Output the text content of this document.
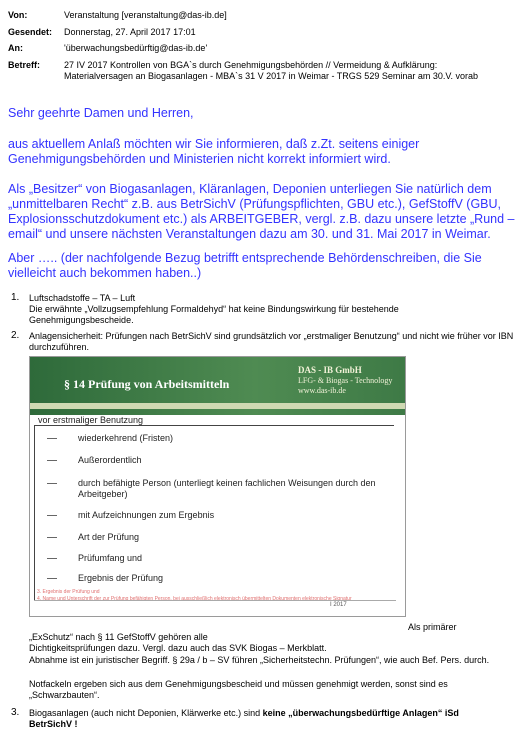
Von:	Veranstaltung [veranstaltung@das-ib.de]
Gesendet: Donnerstag, 27. April 2017 17:01
An:	'überwachungsbedürftig@das-ib.de'
Betreff:	27 IV 2017 Kontrollen von BGA`s durch Genehmigungsbehörden // Vermeidung & Aufklärung: Materialversagen an Biogasanlagen - MBA`s 31 V 2017 in Weimar - TRGS 529 Seminar am 30.V. vorab
Sehr geehrte Damen und Herren,
aus aktuellem Anlaß möchten wir Sie informieren, daß z.Zt. seitens einiger Genehmigungsbehörden und Ministerien nicht korrekt informiert wird.
Als „Besitzer“ von Biogasanlagen, Kläranlagen, Deponien unterliegen Sie natürlich dem „unmittelbaren Recht“ z.B. aus BetrSichV (Prüfungspflichten, GBU etc.), GefStoffV (GBU, Explosionsschutzdokument etc.) als ARBEITGEBER, vergl. z.B. dazu unsere letzte „Rund – email“ und unsere nächsten Veranstaltungen dazu am 30. und 31. Mai 2017 in Weimar.
Aber ….. (der nachfolgende Bezug betrifft entsprechende Behördenschreiben, die Sie vielleicht auch bekommen haben..)
1. Luftschadstoffe – TA – Luft
Die erwähnte „Vollzugsempfehlung Formaldehyd“ hat keine Bindungswirkung für bestehende Genehmigungsbescheide.
2. Anlagensicherheit: Prüfungen nach BetrSichV sind grundsätzlich vor „erstmaliger Benutzung“ und nicht wie früher vor IBN durchzuführen.
§ 14 Prüfung von Arbeitsmitteln
DAS - IB GmbH
LFG- & Biogas - Technology
www.das-ib.de
vor erstmaliger Benutzung
wiederkehrend (Fristen)
Außerordentlich
durch befähigte Person (unterliegt keinen fachlichen Weisungen durch den Arbeitgeber)
mit Aufzeichnungen zum Ergebnis
Art der Prüfung
Prüfumfang und
Ergebnis der Prüfung
3. Ergebnis der Prüfung und
4. Name und Unterschrift der zur Prüfung befähigten Person, bei ausschließlich elektronisch übermittelten Dokumenten elektronische Signatur
I 2017
Als primärer
„ExSchutz“ nach § 11 GefStoffV gehören alle
Dichtigkeitsprüfungen dazu. Vergl. dazu auch das SVK Biogas – Merkblatt.
Abnahme ist ein juristischer Begriff. § 29a / b – SV führen „Sicherheitstechn. Prüfungen“, wie auch Bef. Pers. durch.
Notfackeln ergeben sich aus dem Genehmigungsbescheid und müssen genehmigt werden, sonst sind es „Schwarzbauten“.
3. Biogasanlagen (auch nicht Deponien, Klärwerke etc.) sind keine „überwachungsbedürftige Anlagen“ iSd BetrSichV !
